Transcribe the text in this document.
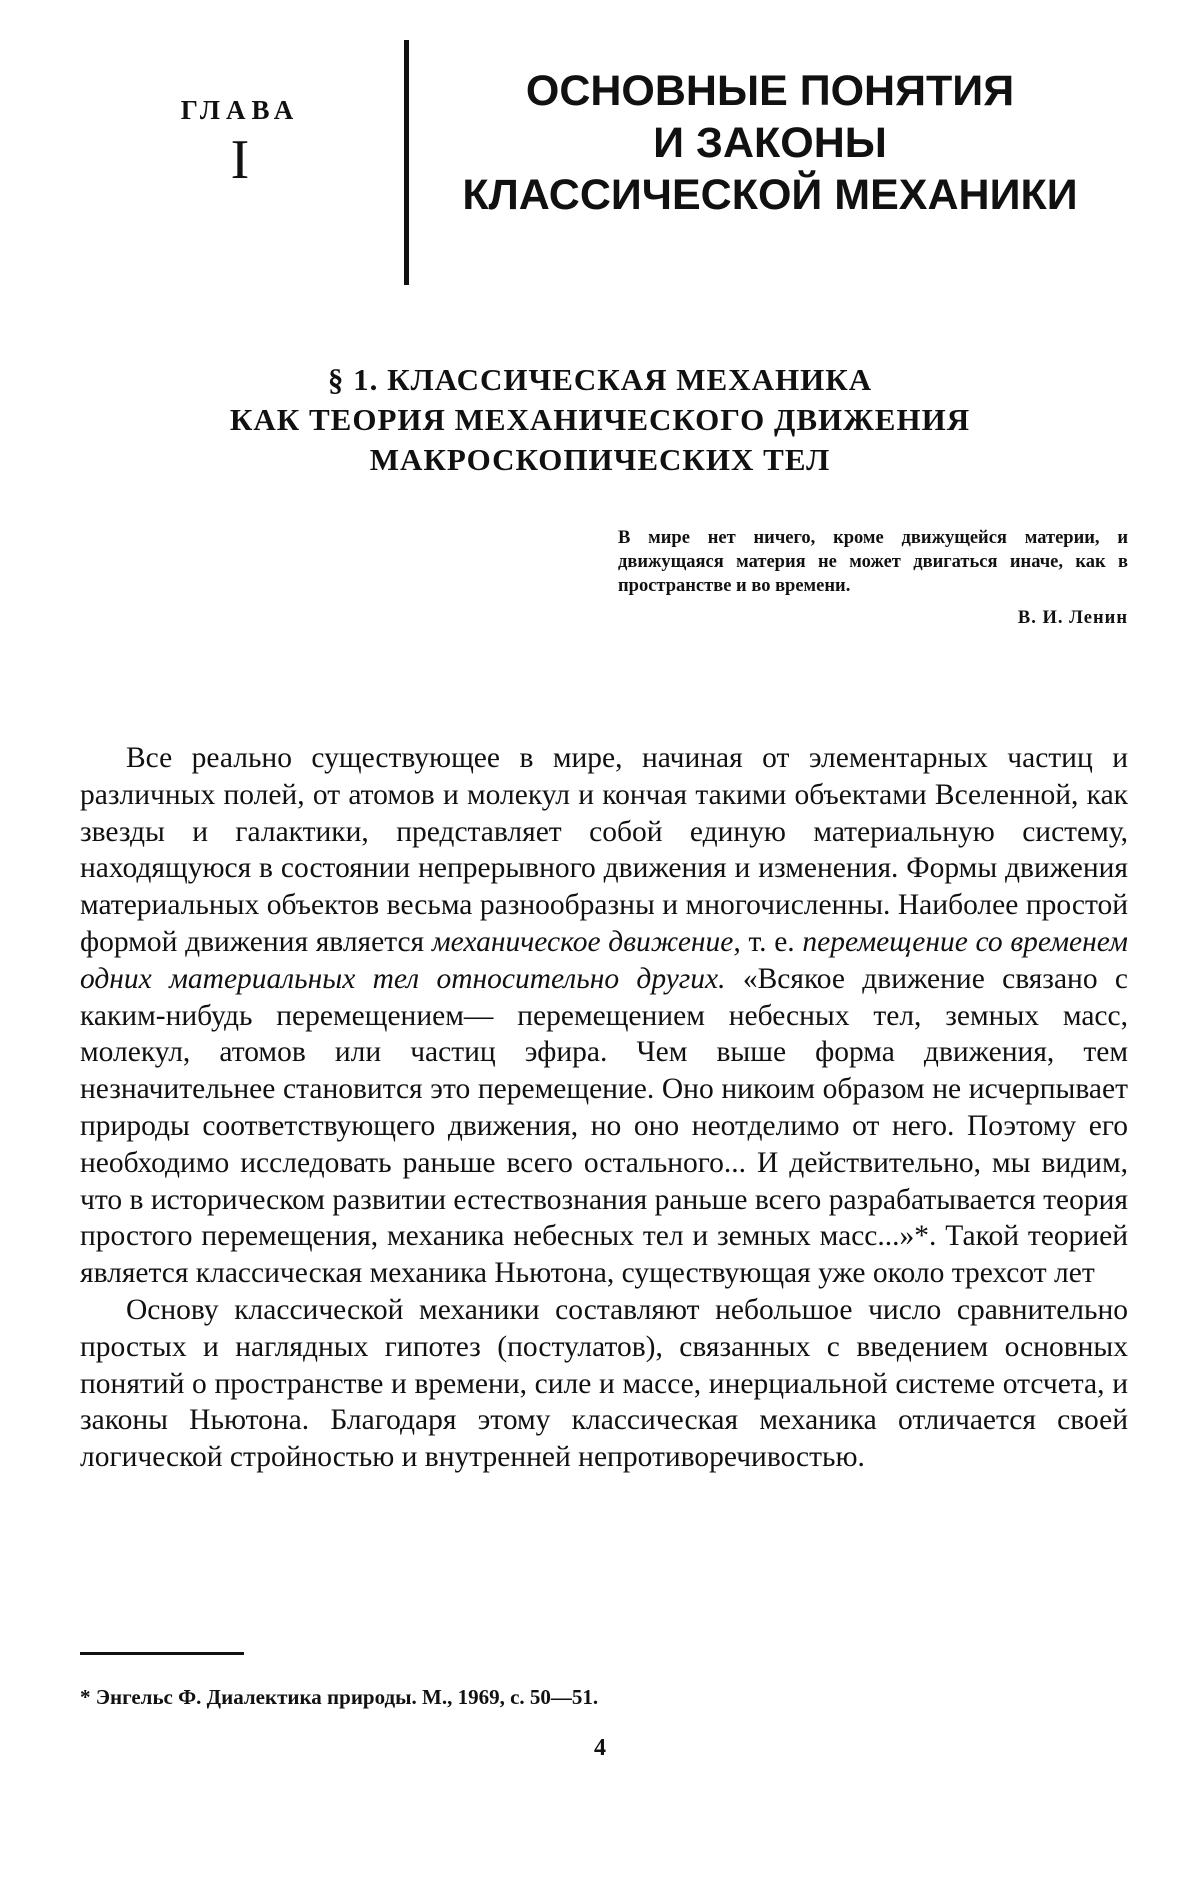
ГЛАВА
I
ОСНОВНЫЕ ПОНЯТИЯ
И ЗАКОНЫ
КЛАССИЧЕСКОЙ МЕХАНИКИ
§ 1. КЛАССИЧЕСКАЯ МЕХАНИКА
КАК ТЕОРИЯ МЕХАНИЧЕСКОГО ДВИЖЕНИЯ
МАКРОСКОПИЧЕСКИХ ТЕЛ
В мире нет ничего, кроме движущейся материи, и движущаяся материя не может двигаться иначе, как в пространстве и во времени.
В. И. Ленин

Все реально существующее в мире, начиная от элементарных частиц и различных полей, от атомов и молекул и кончая такими объектами Вселенной, как звезды и галактики, представляет собой единую материальную систему, находящуюся в состоянии непрерывного движения и изменения. Формы движения материальных объектов весьма разнообразны и многочисленны. Наиболее простой формой движения является механическое движение, т. е. перемещение со временем одних материальных тел относительно других. «Всякое движение связано с каким-нибудь перемещением— перемещением небесных тел, земных масс, молекул, атомов или частиц эфира. Чем выше форма движения, тем незначительнее становится это перемещение. Оно никоим образом не исчерпывает природы соответствующего движения, но оно неотделимо от него. Поэтому его необходимо исследовать раньше всего остального... И действительно, мы видим, что в историческом развитии естествознания раньше всего разрабатывается теория простого перемещения, механика небесных тел и земных масс...»*. Такой теорией является классическая механика Ньютона, существующая уже около трехсот лет

Основу классической механики составляют небольшое число сравнительно простых и наглядных гипотез (постулатов), связанных с введением основных понятий о пространстве и времени, силе и массе, инерциальной системе отсчета, и законы Ньютона. Благодаря этому классическая механика отличается своей логической стройностью и внутренней непротиворечивостью.

* Энгельс Ф. Диалектика природы. М., 1969, с. 50—51.
4
